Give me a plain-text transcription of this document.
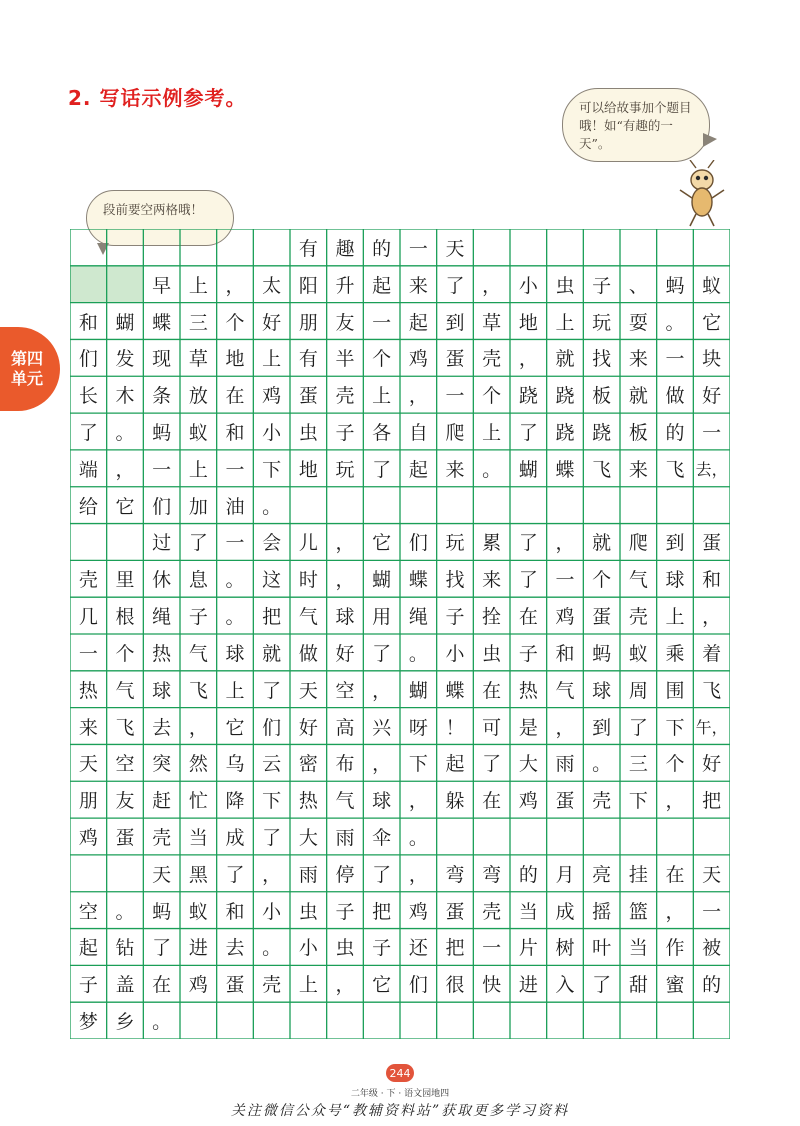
2. 写话示例参考。	可以给故事加个题目哦！如“有趣的一天”。
段前要空两格哦！
第四
单元
有 趣 的 一 天
早 上 ， 太 阳 升 起 来 了 ， 小 虫 子 、 蚂 蚁
和 蝴 蝶 三 个 好 朋 友 一 起 到 草 地 上 玩 耍 。 它
们 发 现 草 地 上 有 半 个 鸡 蛋 壳 ， 就 找 来 一 块
长 木 条 放 在 鸡 蛋 壳 上 ， 一 个 跷 跷 板 就 做 好
了 。 蚂 蚁 和 小 虫 子 各 自 爬 上 了 跷 跷 板 的 一
端 ， 一 上 一 下 地 玩 了 起 来 。 蝴 蝶 飞 来 飞 去，
给 它 们 加 油 。
过 了 一 会 儿 ， 它 们 玩 累 了 ， 就 爬 到 蛋
壳 里 休 息 。 这 时 ， 蝴 蝶 找 来 了 一 个 气 球 和
几 根 绳 子 。 把 气 球 用 绳 子 拴 在 鸡 蛋 壳 上 ，
一 个 热 气 球 就 做 好 了 。 小 虫 子 和 蚂 蚁 乘 着
热 气 球 飞 上 了 天 空 ， 蝴 蝶 在 热 气 球 周 围 飞
来 飞 去 ， 它 们 好 高 兴 呀 ！ 可 是 ， 到 了 下 午，
天 空 突 然 乌 云 密 布 ， 下 起 了 大 雨 。 三 个 好
朋 友 赶 忙 降 下 热 气 球 ， 躲 在 鸡 蛋 壳 下 ， 把
鸡 蛋 壳 当 成 了 大 雨 伞 。
天 黑 了 ， 雨 停 了 ， 弯 弯 的 月 亮 挂 在 天
空 。 蚂 蚁 和 小 虫 子 把 鸡 蛋 壳 当 成 摇 篮 ， 一
起 钻 了 进 去 。 小 虫 子 还 把 一 片 树 叶 当 作 被
子 盖 在 鸡 蛋 壳 上 ， 它 们 很 快 进 入 了 甜 蜜 的
梦 乡 。
244
二年级 · 下 · 语文园地四
关注微信公众号“教辅资料站”获取更多学习资料
